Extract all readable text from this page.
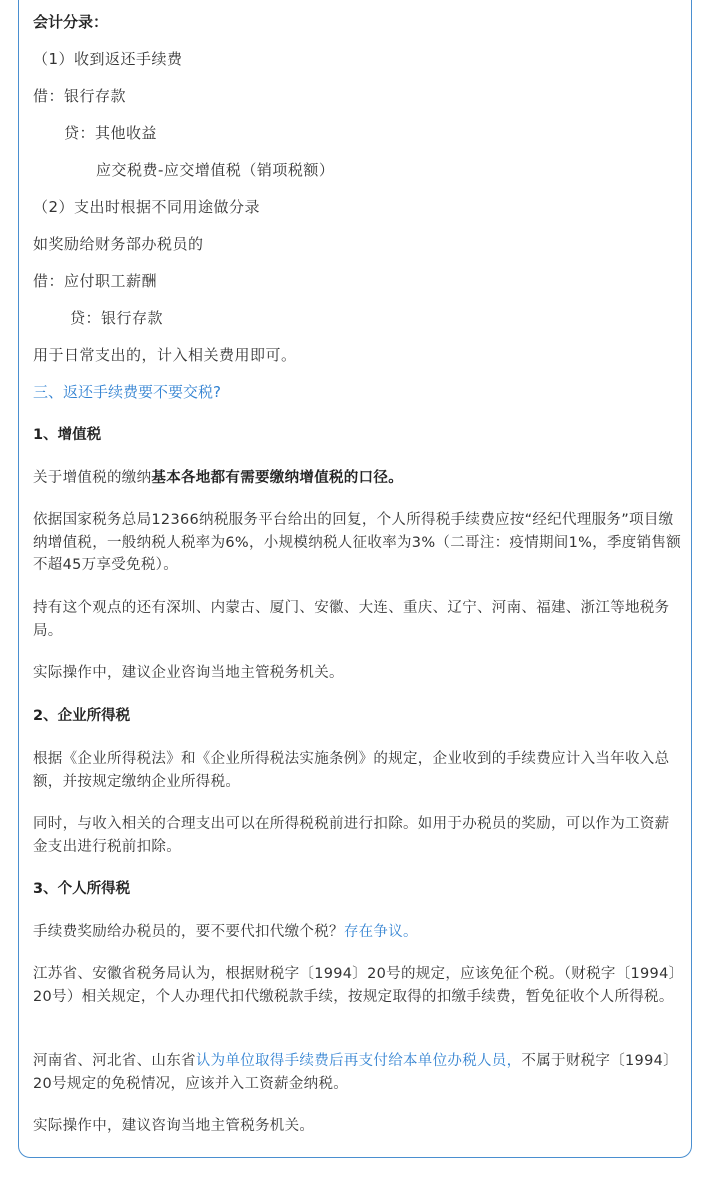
会计分录：
（1）收到返还手续费
借：银行存款
贷：其他收益
应交税费-应交增值税（销项税额）
（2）支出时根据不同用途做分录
如奖励给财务部办税员的
借：应付职工薪酬
贷：银行存款
用于日常支出的，计入相关费用即可。
三、返还手续费要不要交税?
1、增值税
关于增值税的缴纳基本各地都有需要缴纳增值税的口径。
依据国家税务总局12366纳税服务平台给出的回复，个人所得税手续费应按“经纪代理服务”项目缴纳增值税，一般纳税人税率为6%，小规模纳税人征收率为3%（二哥注：疫情期间1%，季度销售额不超45万享受免税）。
持有这个观点的还有深圳、内蒙古、厦门、安徽、大连、重庆、辽宁、河南、福建、浙江等地税务局。
实际操作中，建议企业咨询当地主管税务机关。
2、企业所得税
根据《企业所得税法》和《企业所得税法实施条例》的规定，企业收到的手续费应计入当年收入总额，并按规定缴纳企业所得税。
同时，与收入相关的合理支出可以在所得税税前进行扣除。如用于办税员的奖励，可以作为工资薪金支出进行税前扣除。
3、个人所得税
手续费奖励给办税员的，要不要代扣代缴个税？存在争议。
江苏省、安徽省税务局认为，根据财税字〔1994〕20号的规定，应该免征个税。（财税字〔1994〕20号）相关规定，个人办理代扣代缴税款手续，按规定取得的扣缴手续费，暂免征收个人所得税。
河南省、河北省、山东省认为单位取得手续费后再支付给本单位办税人员，不属于财税字〔1994〕20号规定的免税情况，应该并入工资薪金纳税。
实际操作中，建议咨询当地主管税务机关。
